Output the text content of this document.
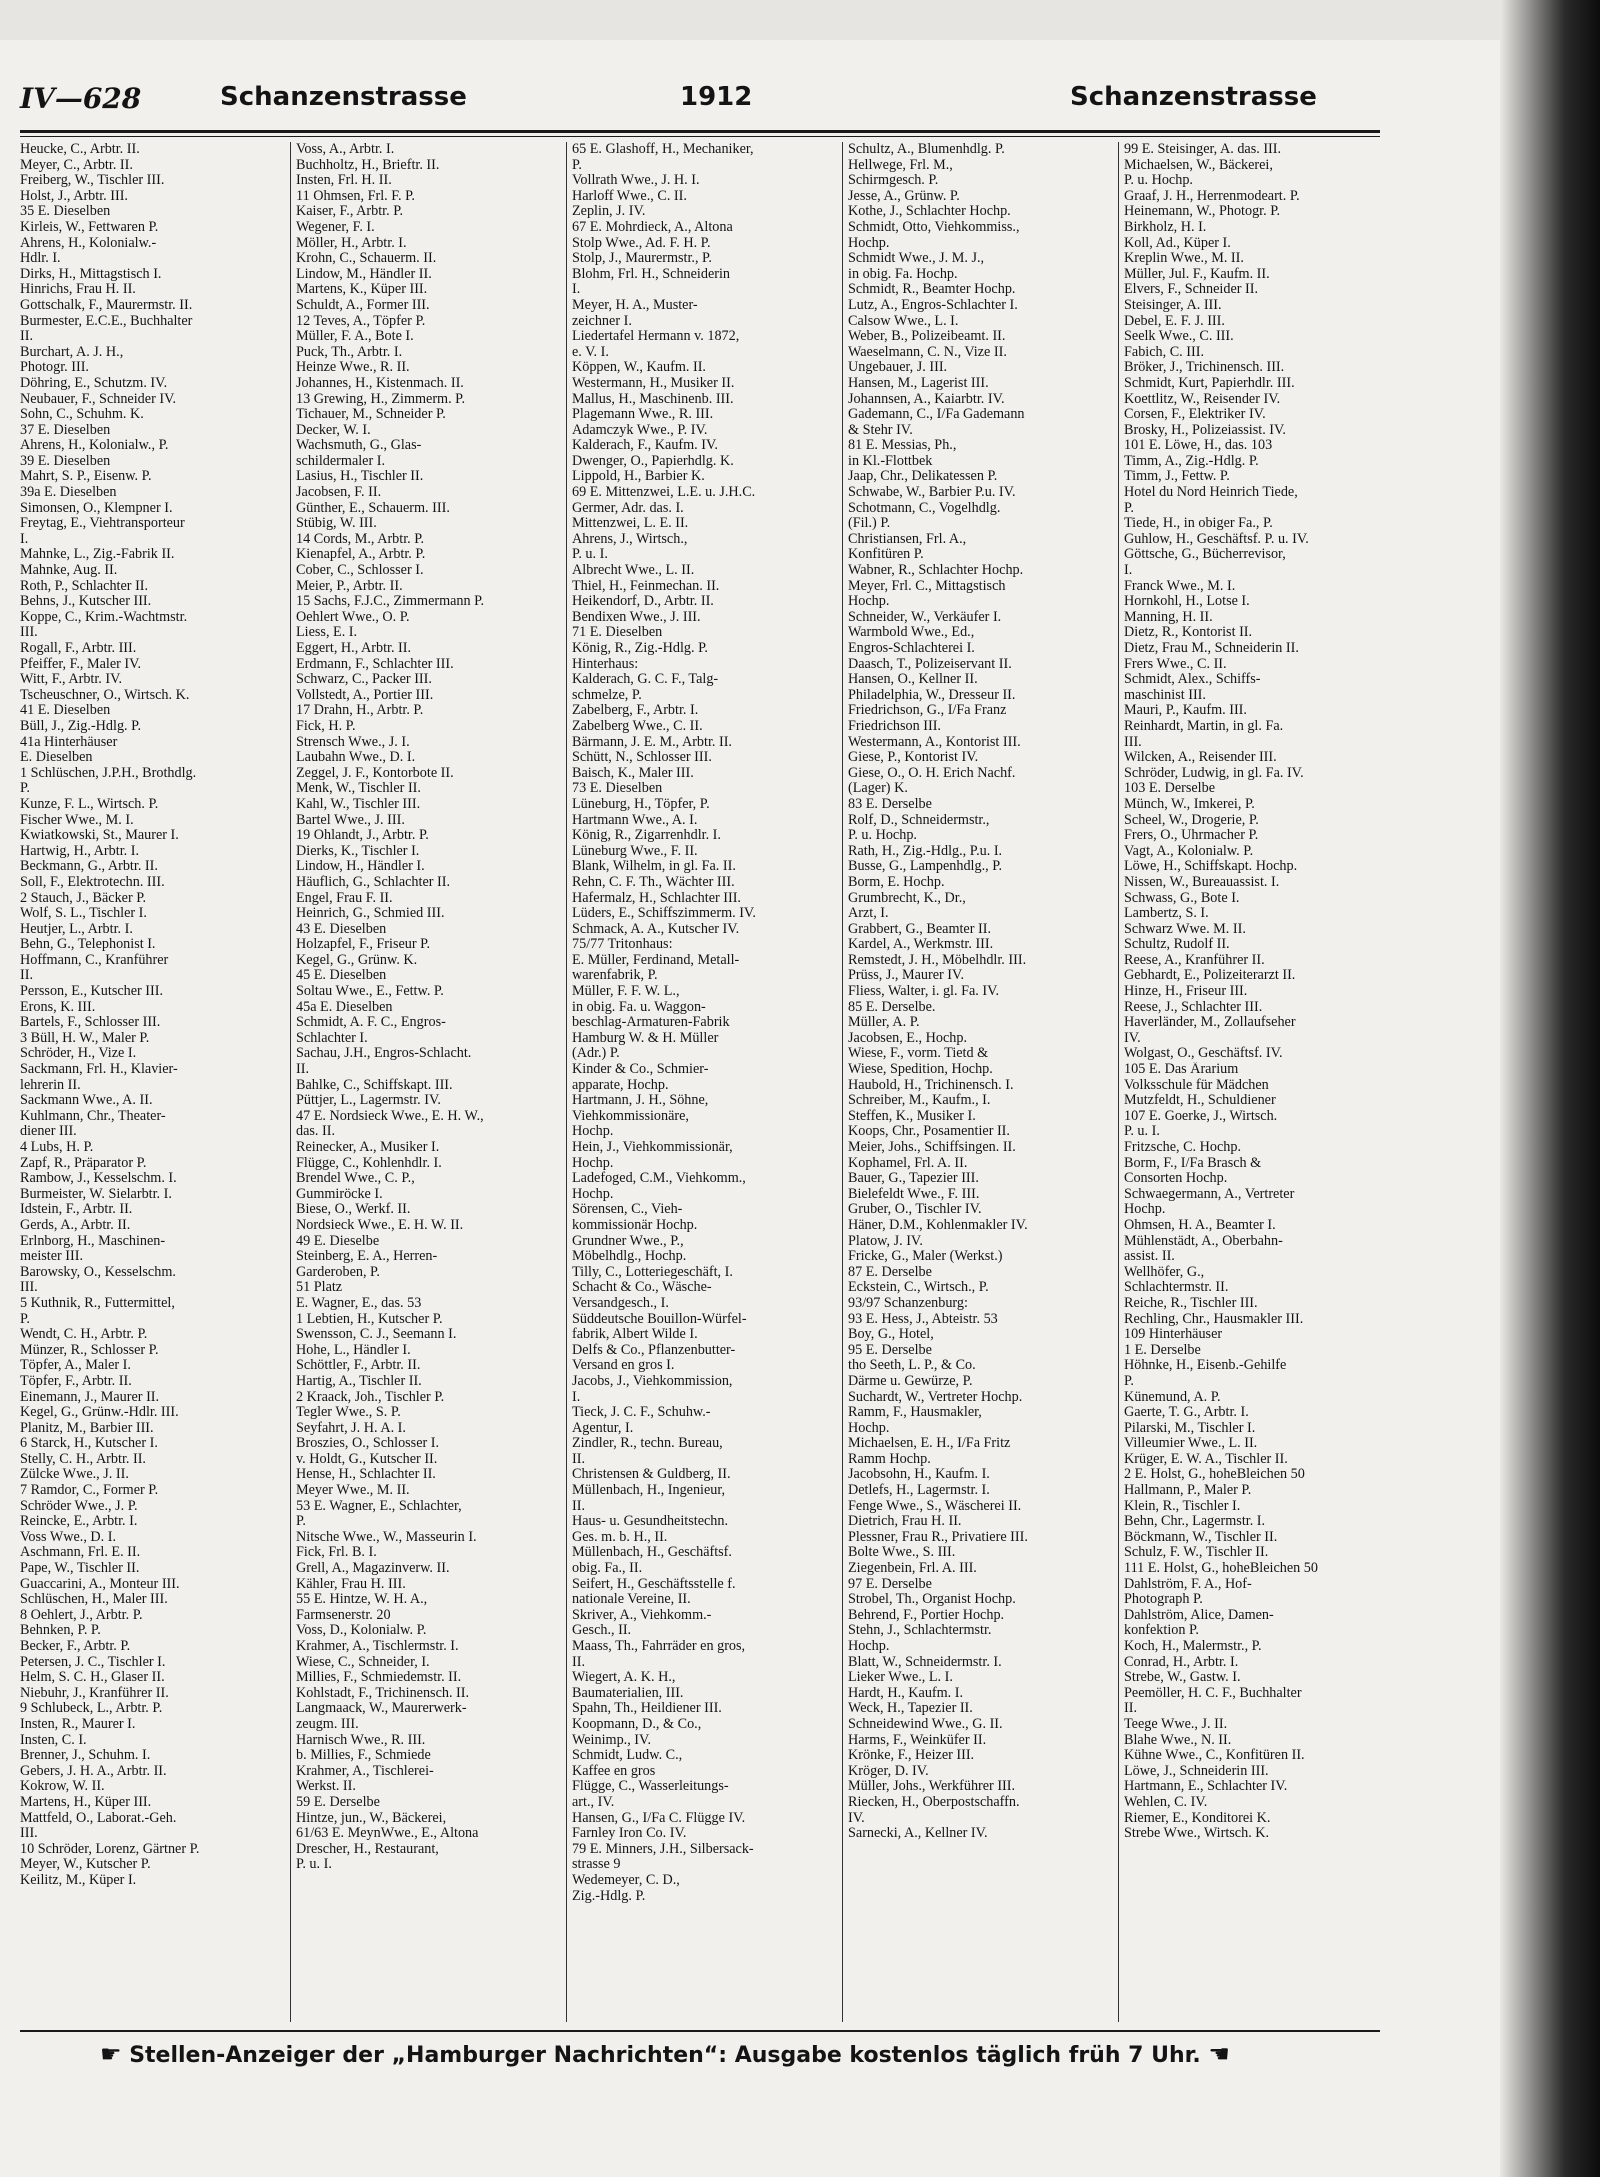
IV—628	Schanzenstrasse	1912	Schanzenstrasse
Heucke, C., Arbtr. II.
Meyer, C., Arbtr. II.
Freiberg, W., Tischler III.
Holst, J., Arbtr. III.
35 E. Dieselben
Kirleis, W., Fettwaren P.
Ahrens, H., Kolonialw.-
Hdlr. I.
Dirks, H., Mittagstisch I.
Hinrichs, Frau H. II.
Gottschalk, F., Maurermstr. II.
Burmester, E.C.E., Buchhalter
II.
Burchart, A. J. H.,
Photogr. III.
Döhring, E., Schutzm. IV.
Neubauer, F., Schneider IV.
Sohn, C., Schuhm. K.
37 E. Dieselben
Ahrens, H., Kolonialw., P.
39 E. Dieselben
Mahrt, S. P., Eisenw. P.
39a E. Dieselben
Simonsen, O., Klempner I.
Freytag, E., Viehtransporteur
I.
Mahnke, L., Zig.-Fabrik II.
Mahnke, Aug. II.
Roth, P., Schlachter II.
Behns, J., Kutscher III.
Koppe, C., Krim.-Wachtmstr.
III.
Rogall, F., Arbtr. III.
Pfeiffer, F., Maler IV.
Witt, F., Arbtr. IV.
Tscheuschner, O., Wirtsch. K.
41 E. Dieselben
Büll, J., Zig.-Hdlg. P.
41a Hinterhäuser
E. Dieselben
1 Schlüschen, J.P.H., Brothdlg.
P.
Kunze, F. L., Wirtsch. P.
Fischer Wwe., M. I.
Kwiatkowski, St., Maurer I.
Hartwig, H., Arbtr. I.
Beckmann, G., Arbtr. II.
Soll, F., Elektrotechn. III.
2 Stauch, J., Bäcker P.
Wolf, S. L., Tischler I.
Heutjer, L., Arbtr. I.
Behn, G., Telephonist I.
Hoffmann, C., Kranführer
II.
Persson, E., Kutscher III.
Erons, K. III.
Bartels, F., Schlosser III.
3 Büll, H. W., Maler P.
Schröder, H., Vize I.
Sackmann, Frl. H., Klavier-
lehrerin II.
Sackmann Wwe., A. II.
Kuhlmann, Chr., Theater-
diener III.
4 Lubs, H. P.
Zapf, R., Präparator P.
Rambow, J., Kesselschm. I.
Burmeister, W. Sielarbtr. I.
Idstein, F., Arbtr. II.
Gerds, A., Arbtr. II.
Erlnborg, H., Maschinen-
meister III.
Barowsky, O., Kesselschm.
III.
5 Kuthnik, R., Futtermittel,
P.
Wendt, C. H., Arbtr. P.
Münzer, R., Schlosser P.
Töpfer, A., Maler I.
Töpfer, F., Arbtr. II.
Einemann, J., Maurer II.
Kegel, G., Grünw.-Hdlr. III.
Planitz, M., Barbier III.
6 Starck, H., Kutscher I.
Stelly, C. H., Arbtr. II.
Zülcke Wwe., J. II.
7 Ramdor, C., Former P.
Schröder Wwe., J. P.
Reincke, E., Arbtr. I.
Voss Wwe., D. I.
Aschmann, Frl. E. II.
Pape, W., Tischler II.
Guaccarini, A., Monteur III.
Schlüschen, H., Maler III.
8 Oehlert, J., Arbtr. P.
Behnken, P. P.
Becker, F., Arbtr. P.
Petersen, J. C., Tischler I.
Helm, S. C. H., Glaser II.
Niebuhr, J., Kranführer II.
9 Schlubeck, L., Arbtr. P.
Insten, R., Maurer I.
Insten, C. I.
Brenner, J., Schuhm. I.
Gebers, J. H. A., Arbtr. II.
Kokrow, W. II.
Martens, H., Küper III.
Mattfeld, O., Laborat.-Geh.
III.
10 Schröder, Lorenz, Gärtner P.
Meyer, W., Kutscher P.
Keilitz, M., Küper I.
Voss, A., Arbtr. I.
Buchholtz, H., Brieftr. II.
Insten, Frl. H. II.
11 Ohmsen, Frl. F. P.
Kaiser, F., Arbtr. P.
Wegener, F. I.
Möller, H., Arbtr. I.
Krohn, C., Schauerm. II.
Lindow, M., Händler II.
Martens, K., Küper III.
Schuldt, A., Former III.
12 Teves, A., Töpfer P.
Müller, F. A., Bote I.
Puck, Th., Arbtr. I.
Heinze Wwe., R. II.
Johannes, H., Kistenmach. II.
13 Grewing, H., Zimmerm. P.
Tichauer, M., Schneider P.
Decker, W. I.
Wachsmuth, G., Glas-
schildermaler I.
Lasius, H., Tischler II.
Jacobsen, F. II.
Günther, E., Schauerm. III.
Stübig, W. III.
14 Cords, M., Arbtr. P.
Kienapfel, A., Arbtr. P.
Cober, C., Schlosser I.
Meier, P., Arbtr. II.
15 Sachs, F.J.C., Zimmermann P.
Oehlert Wwe., O. P.
Liess, E. I.
Eggert, H., Arbtr. II.
Erdmann, F., Schlachter III.
Schwarz, C., Packer III.
Vollstedt, A., Portier III.
17 Drahn, H., Arbtr. P.
Fick, H. P.
Strensch Wwe., J. I.
Laubahn Wwe., D. I.
Zeggel, J. F., Kontorbote II.
Menk, W., Tischler II.
Kahl, W., Tischler III.
Bartel Wwe., J. III.
19 Ohlandt, J., Arbtr. P.
Dierks, K., Tischler I.
Lindow, H., Händler I.
Häuflich, G., Schlachter II.
Engel, Frau F. II.
Heinrich, G., Schmied III.
43 E. Dieselben
Holzapfel, F., Friseur P.
Kegel, G., Grünw. K.
45 E. Dieselben
Soltau Wwe., E., Fettw. P.
45a E. Dieselben
Schmidt, A. F. C., Engros-
Schlachter I.
Sachau, J.H., Engros-Schlacht.
II.
Bahlke, C., Schiffskapt. III.
Püttjer, L., Lagermstr. IV.
47 E. Nordsieck Wwe., E. H. W.,
das. II.
Reinecker, A., Musiker I.
Flügge, C., Kohlenhdlr. I.
Brendel Wwe., C. P.,
Gummiröcke I.
Biese, O., Werkf. II.
Nordsieck Wwe., E. H. W. II.
49 E. Dieselbe
Steinberg, E. A., Herren-
Garderoben, P.
51 Platz
E. Wagner, E., das. 53
1 Lebtien, H., Kutscher P.
Swensson, C. J., Seemann I.
Hohe, L., Händler I.
Schöttler, F., Arbtr. II.
Hartig, A., Tischler II.
2 Kraack, Joh., Tischler P.
Tegler Wwe., S. P.
Seyfahrt, J. H. A. I.
Broszies, O., Schlosser I.
v. Holdt, G., Kutscher II.
Hense, H., Schlachter II.
Meyer Wwe., M. II.
53 E. Wagner, E., Schlachter,
P.
Nitsche Wwe., W., Masseurin I.
Fick, Frl. B. I.
Grell, A., Magazinverw. II.
Kähler, Frau H. III.
55 E. Hintze, W. H. A.,
Farmsenerstr. 20
Voss, D., Kolonialw. P.
Krahmer, A., Tischlermstr. I.
Wiese, C., Schneider, I.
Millies, F., Schmiedemstr. II.
Kohlstadt, F., Trichinensch. II.
Langmaack, W., Maurerwerk-
zeugm. III.
Harnisch Wwe., R. III.
b. Millies, F., Schmiede
Krahmer, A., Tischlerei-
Werkst. II.
59 E. Derselbe
Hintze, jun., W., Bäckerei,
61/63 E. MeynWwe., E., Altona
Drescher, H., Restaurant,
P. u. I.
65 E. Glashoff, H., Mechaniker,
P.
Vollrath Wwe., J. H. I.
Harloff Wwe., C. II.
Zeplin, J. IV.
67 E. Mohrdieck, A., Altona
Stolp Wwe., Ad. F. H. P.
Stolp, J., Maurermstr., P.
Blohm, Frl. H., Schneiderin
I.
Meyer, H. A., Muster-
zeichner I.
Liedertafel Hermann v. 1872,
e. V. I.
Köppen, W., Kaufm. II.
Westermann, H., Musiker II.
Mallus, H., Maschinenb. III.
Plagemann Wwe., R. III.
Adamczyk Wwe., P. IV.
Kalderach, F., Kaufm. IV.
Dwenger, O., Papierhdlg. K.
Lippold, H., Barbier K.
69 E. Mittenzwei, L.E. u. J.H.C.
Germer, Adr. das. I.
Mittenzwei, L. E. II.
Ahrens, J., Wirtsch.,
P. u. I.
Albrecht Wwe., L. II.
Thiel, H., Feinmechan. II.
Heikendorf, D., Arbtr. II.
Bendixen Wwe., J. III.
71 E. Dieselben
König, R., Zig.-Hdlg. P.
Hinterhaus:
Kalderach, G. C. F., Talg-
schmelze, P.
Zabelberg, F., Arbtr. I.
Zabelberg Wwe., C. II.
Bärmann, J. E. M., Arbtr. II.
Schütt, N., Schlosser III.
Baisch, K., Maler III.
73 E. Dieselben
Lüneburg, H., Töpfer, P.
Hartmann Wwe., A. I.
König, R., Zigarrenhdlr. I.
Lüneburg Wwe., F. II.
Blank, Wilhelm, in gl. Fa. II.
Rehn, C. F. Th., Wächter III.
Hafermalz, H., Schlachter III.
Lüders, E., Schiffszimmerm. IV.
Schmack, A. A., Kutscher IV.
75/77 Tritonhaus:
E. Müller, Ferdinand, Metall-
warenfabrik, P.
Müller, F. F. W. L.,
in obig. Fa. u. Waggon-
beschlag-Armaturen-Fabrik
Hamburg W. & H. Müller
(Adr.) P.
Kinder & Co., Schmier-
apparate, Hochp.
Hartmann, J. H., Söhne,
Viehkommissionäre,
Hochp.
Hein, J., Viehkommissionär,
Hochp.
Ladefoged, C.M., Viehkomm.,
Hochp.
Sörensen, C., Vieh-
kommissionär Hochp.
Grundner Wwe., P.,
Möbelhdlg., Hochp.
Tilly, C., Lotteriegeschäft, I.
Schacht & Co., Wäsche-
Versandgesch., I.
Süddeutsche Bouillon-Würfel-
fabrik, Albert Wilde I.
Delfs & Co., Pflanzenbutter-
Versand en gros I.
Jacobs, J., Viehkommission,
I.
Tieck, J. C. F., Schuhw.-
Agentur, I.
Zindler, R., techn. Bureau,
II.
Christensen & Guldberg, II.
Müllenbach, H., Ingenieur,
II.
Haus- u. Gesundheitstechn.
Ges. m. b. H., II.
Müllenbach, H., Geschäftsf.
obig. Fa., II.
Seifert, H., Geschäftsstelle f.
nationale Vereine, II.
Skriver, A., Viehkomm.-
Gesch., II.
Maass, Th., Fahrräder en gros,
II.
Wiegert, A. K. H.,
Baumaterialien, III.
Spahn, Th., Heildiener III.
Koopmann, D., & Co.,
Weinimp., IV.
Schmidt, Ludw. C.,
Kaffee en gros
Flügge, C., Wasserleitungs-
art., IV.
Hansen, G., I/Fa C. Flügge IV.
Farnley Iron Co. IV.
79 E. Minners, J.H., Silbersack-
strasse 9
Wedemeyer, C. D.,
Zig.-Hdlg. P.
Schultz, A., Blumenhdlg. P.
Hellwege, Frl. M.,
Schirmgesch. P.
Jesse, A., Grünw. P.
Kothe, J., Schlachter Hochp.
Schmidt, Otto, Viehkommiss.,
Hochp.
Schmidt Wwe., J. M. J.,
in obig. Fa. Hochp.
Schmidt, R., Beamter Hochp.
Lutz, A., Engros-Schlachter I.
Calsow Wwe., L. I.
Weber, B., Polizeibeamt. II.
Waeselmann, C. N., Vize II.
Ungebauer, J. III.
Hansen, M., Lagerist III.
Johannsen, A., Kaiarbtr. IV.
Gademann, C., I/Fa Gademann
& Stehr IV.
81 E. Messias, Ph.,
in Kl.-Flottbek
Jaap, Chr., Delikatessen P.
Schwabe, W., Barbier P.u. IV.
Schotmann, C., Vogelhdlg.
(Fil.) P.
Christiansen, Frl. A.,
Konfitüren P.
Wabner, R., Schlachter Hochp.
Meyer, Frl. C., Mittagstisch
Hochp.
Schneider, W., Verkäufer I.
Warmbold Wwe., Ed.,
Engros-Schlachterei I.
Daasch, T., Polizeiservant II.
Hansen, O., Kellner II.
Philadelphia, W., Dresseur II.
Friedrichson, G., I/Fa Franz
Friedrichson III.
Westermann, A., Kontorist III.
Giese, P., Kontorist IV.
Giese, O., O. H. Erich Nachf.
(Lager) K.
83 E. Derselbe
Rolf, D., Schneidermstr.,
P. u. Hochp.
Rath, H., Zig.-Hdlg., P.u. I.
Busse, G., Lampenhdlg., P.
Borm, E. Hochp.
Grumbrecht, K., Dr.,
Arzt, I.
Grabbert, G., Beamter II.
Kardel, A., Werkmstr. III.
Remstedt, J. H., Möbelhdlr. III.
Prüss, J., Maurer IV.
Fliess, Walter, i. gl. Fa. IV.
85 E. Derselbe.
Müller, A. P.
Jacobsen, E., Hochp.
Wiese, F., vorm. Tietd &
Wiese, Spedition, Hochp.
Haubold, H., Trichinensch. I.
Schreiber, M., Kaufm., I.
Steffen, K., Musiker I.
Koops, Chr., Posamentier II.
Meier, Johs., Schiffsingen. II.
Kophamel, Frl. A. II.
Bauer, G., Tapezier III.
Bielefeldt Wwe., F. III.
Gruber, O., Tischler IV.
Häner, D.M., Kohlenmakler IV.
Platow, J. IV.
Fricke, G., Maler (Werkst.)
87 E. Derselbe
Eckstein, C., Wirtsch., P.
93/97 Schanzenburg:
93 E. Hess, J., Abteistr. 53
Boy, G., Hotel,
95 E. Derselbe
tho Seeth, L. P., & Co.
Därme u. Gewürze, P.
Suchardt, W., Vertreter Hochp.
Ramm, F., Hausmakler,
Hochp.
Michaelsen, E. H., I/Fa Fritz
Ramm Hochp.
Jacobsohn, H., Kaufm. I.
Detlefs, H., Lagermstr. I.
Fenge Wwe., S., Wäscherei II.
Dietrich, Frau H. II.
Plessner, Frau R., Privatiere III.
Bolte Wwe., S. III.
Ziegenbein, Frl. A. III.
97 E. Derselbe
Strobel, Th., Organist Hochp.
Behrend, F., Portier Hochp.
Stehn, J., Schlachtermstr.
Hochp.
Blatt, W., Schneidermstr. I.
Lieker Wwe., L. I.
Hardt, H., Kaufm. I.
Weck, H., Tapezier II.
Schneidewind Wwe., G. II.
Harms, F., Weinküfer II.
Krönke, F., Heizer III.
Kröger, D. IV.
Müller, Johs., Werkführer III.
Riecken, H., Oberpostschaffn.
IV.
Sarnecki, A., Kellner IV.
99 E. Steisinger, A. das. III.
Michaelsen, W., Bäckerei,
P. u. Hochp.
Graaf, J. H., Herrenmodeart. P.
Heinemann, W., Photogr. P.
Birkholz, H. I.
Koll, Ad., Küper I.
Kreplin Wwe., M. II.
Müller, Jul. F., Kaufm. II.
Elvers, F., Schneider II.
Steisinger, A. III.
Debel, E. F. J. III.
Seelk Wwe., C. III.
Fabich, C. III.
Bröker, J., Trichinensch. III.
Schmidt, Kurt, Papierhdlr. III.
Koettlitz, W., Reisender IV.
Corsen, F., Elektriker IV.
Brosky, H., Polizeiassist. IV.
101 E. Löwe, H., das. 103
Timm, A., Zig.-Hdlg. P.
Timm, J., Fettw. P.
Hotel du Nord Heinrich Tiede,
P.
Tiede, H., in obiger Fa., P.
Guhlow, H., Geschäftsf. P. u. IV.
Göttsche, G., Bücherrevisor,
I.
Franck Wwe., M. I.
Hornkohl, H., Lotse I.
Manning, H. II.
Dietz, R., Kontorist II.
Dietz, Frau M., Schneiderin II.
Frers Wwe., C. II.
Schmidt, Alex., Schiffs-
maschinist III.
Mauri, P., Kaufm. III.
Reinhardt, Martin, in gl. Fa.
III.
Wilcken, A., Reisender III.
Schröder, Ludwig, in gl. Fa. IV.
103 E. Derselbe
Münch, W., Imkerei, P.
Scheel, W., Drogerie, P.
Frers, O., Uhrmacher P.
Vagt, A., Kolonialw. P.
Löwe, H., Schiffskapt. Hochp.
Nissen, W., Bureauassist. I.
Schwass, G., Bote I.
Lambertz, S. I.
Schwarz Wwe. M. II.
Schultz, Rudolf II.
Reese, A., Kranführer II.
Gebhardt, E., Polizeiterarzt II.
Hinze, H., Friseur III.
Reese, J., Schlachter III.
Haverländer, M., Zollaufseher
IV.
Wolgast, O., Geschäftsf. IV.
105 E. Das Ärarium
Volksschule für Mädchen
Mutzfeldt, H., Schuldiener
107 E. Goerke, J., Wirtsch.
P. u. I.
Fritzsche, C. Hochp.
Borm, F., I/Fa Brasch &
Consorten Hochp.
Schwaegermann, A., Vertreter
Hochp.
Ohmsen, H. A., Beamter I.
Mühlenstädt, A., Oberbahn-
assist. II.
Wellhöfer, G.,
Schlachtermstr. II.
Reiche, R., Tischler III.
Rechling, Chr., Hausmakler III.
109 Hinterhäuser
1 E. Derselbe
Höhnke, H., Eisenb.-Gehilfe
P.
Künemund, A. P.
Gaerte, T. G., Arbtr. I.
Pilarski, M., Tischler I.
Villeumier Wwe., L. II.
Krüger, E. W. A., Tischler II.
2 E. Holst, G., hoheBleichen 50
Hallmann, P., Maler P.
Klein, R., Tischler I.
Behn, Chr., Lagermstr. I.
Böckmann, W., Tischler II.
Schulz, F. W., Tischler II.
111 E. Holst, G., hoheBleichen 50
Dahlström, F. A., Hof-
Photograph P.
Dahlström, Alice, Damen-
konfektion P.
Koch, H., Malermstr., P.
Conrad, H., Arbtr. I.
Strebe, W., Gastw. I.
Peemöller, H. C. F., Buchhalter
II.
Teege Wwe., J. II.
Blahe Wwe., N. II.
Kühne Wwe., C., Konfitüren II.
Löwe, J., Schneiderin III.
Hartmann, E., Schlachter IV.
Wehlen, C. IV.
Riemer, E., Konditorei K.
Strebe Wwe., Wirtsch. K.
☛ Stellen-Anzeiger der „Hamburger Nachrichten“: Ausgabe kostenlos täglich früh 7 Uhr. ☚
